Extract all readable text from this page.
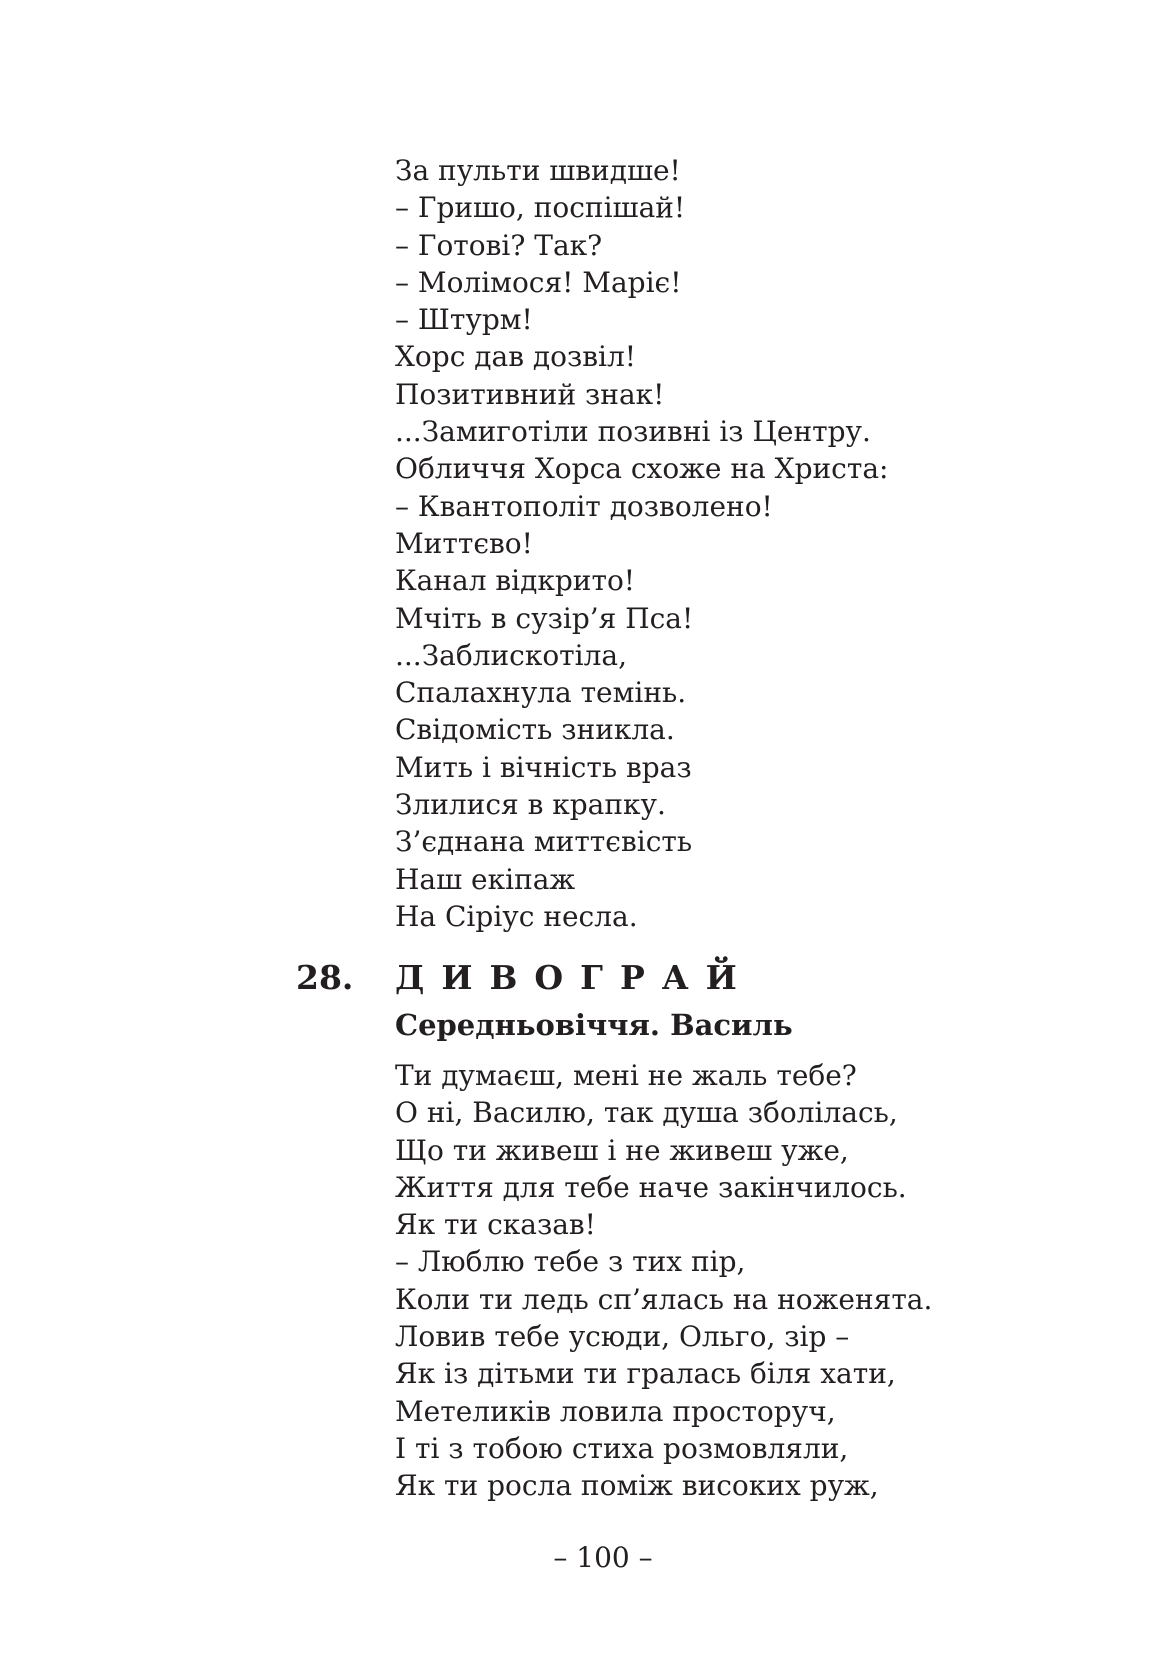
За пульти швидше!
– Гришо, поспішай!
– Готові? Так?
– Молімося! Маріє!
– Штурм!
Хорс дав дозвіл!
Позитивний знак!
...Замиготіли позивні із Центру.
Обличчя Хорса схоже на Христа:
– Квантополіт дозволено!
Миттєво!
Канал відкрито!
Мчіть в сузір’я Пса!
...Заблискотіла,
Спалахнула темінь.
Свідомість зникла.
Мить і вічність враз
Злилися в крапку.
З’єднана миттєвість
Наш екіпаж
На Сіріус несла.
28. ДИВОГРАЙ
Середньовіччя. Василь
Ти думаєш, мені не жаль тебе?
О ні, Василю, так душа зболілась,
Що ти живеш і не живеш уже,
Життя для тебе наче закінчилось.
Як ти сказав!
– Люблю тебе з тих пір,
Коли ти ледь сп’ялась на ноженята.
Ловив тебе усюди, Ольго, зір –
Як із дітьми ти гралась біля хати,
Метеликів ловила просторуч,
І ті з тобою стиха розмовляли,
Як ти росла поміж високих руж,
– 100 –
